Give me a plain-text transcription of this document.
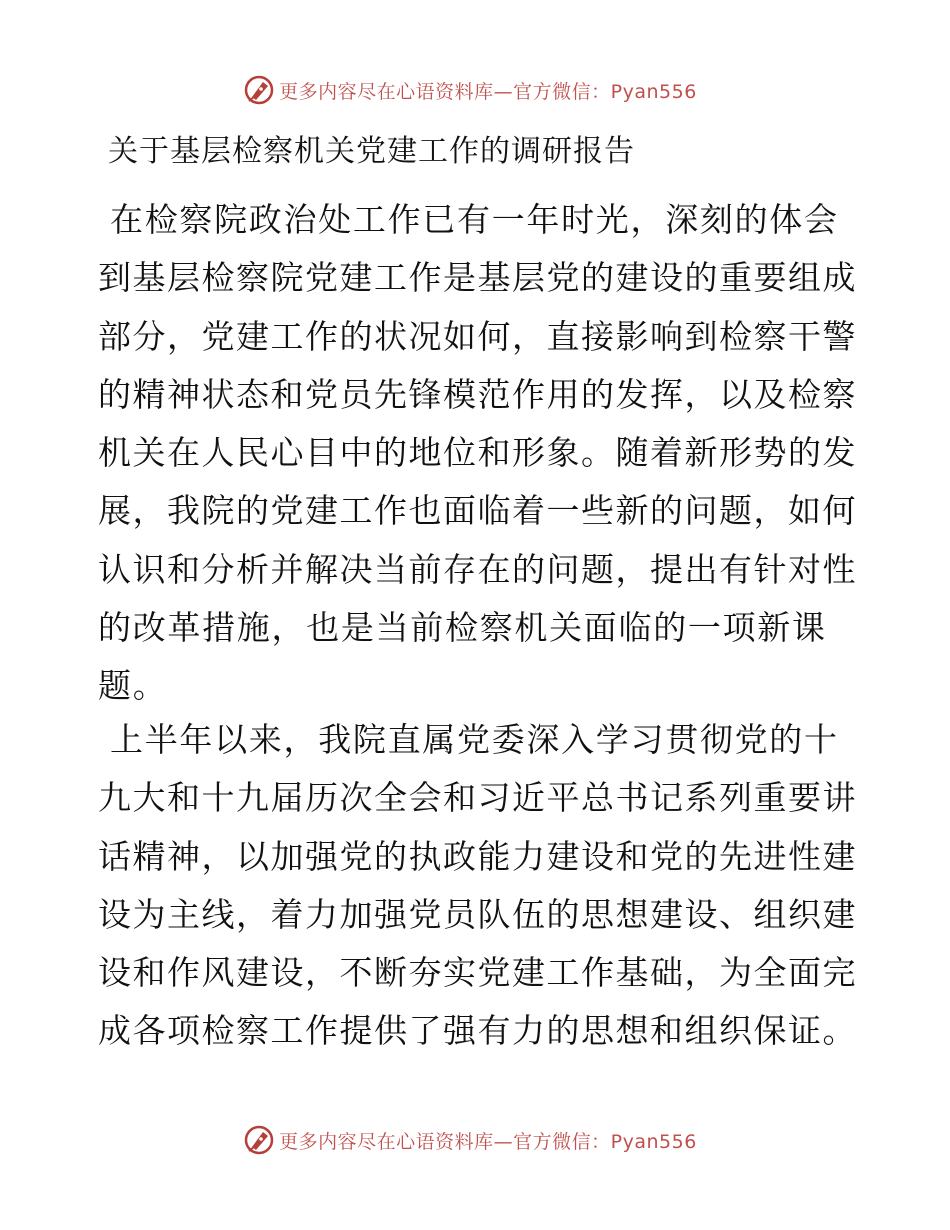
更多内容尽在心语资料库—官方微信：Pyan556
关于基层检察机关党建工作的调研报告
在检察院政治处工作已有一年时光，深刻的体会
到基层检察院党建工作是基层党的建设的重要组成
部分，党建工作的状况如何，直接影响到检察干警
的精神状态和党员先锋模范作用的发挥，以及检察
机关在人民心目中的地位和形象。随着新形势的发
展，我院的党建工作也面临着一些新的问题，如何
认识和分析并解决当前存在的问题，提出有针对性
的改革措施，也是当前检察机关面临的一项新课
题。
上半年以来，我院直属党委深入学习贯彻党的十
九大和十九届历次全会和习近平总书记系列重要讲
话精神，以加强党的执政能力建设和党的先进性建
设为主线，着力加强党员队伍的思想建设、组织建
设和作风建设，不断夯实党建工作基础，为全面完
成各项检察工作提供了强有力的思想和组织保证。
更多内容尽在心语资料库—官方微信：Pyan556
